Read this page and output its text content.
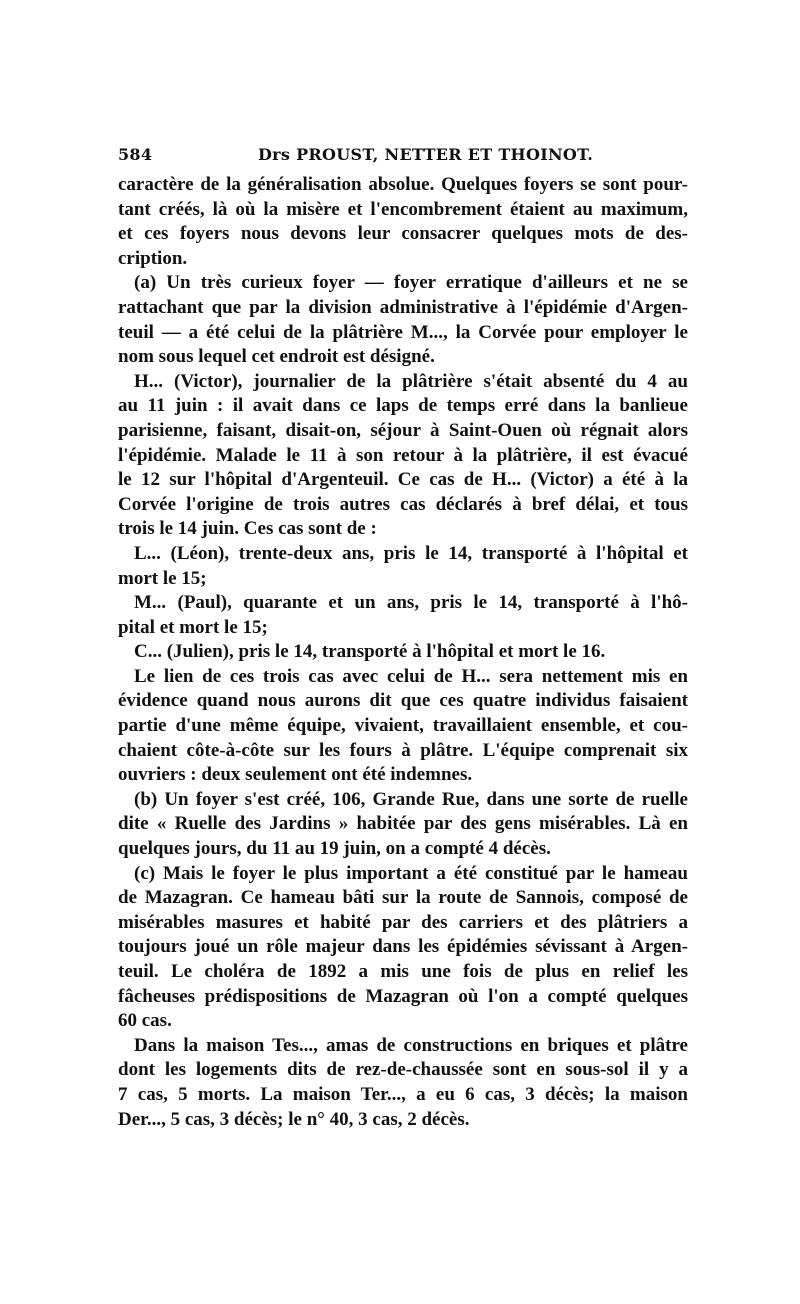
584	Drs PROUST, NETTER ET THOINOT.

caractère de la généralisation absolue. Quelques foyers se sont pour-

tant créés, là où la misère et l'encombrement étaient au maximum,

et ces foyers nous devons leur consacrer quelques mots de des-

cription.

(a) Un très curieux foyer — foyer erratique d'ailleurs et ne se

rattachant que par la division administrative à l'épidémie d'Argen-

teuil — a été celui de la plâtrière M..., la Corvée pour employer le

nom sous lequel cet endroit est désigné.

H... (Victor), journalier de la plâtrière s'était absenté du 4 au

au 11 juin : il avait dans ce laps de temps erré dans la banlieue

parisienne, faisant, disait-on, séjour à Saint-Ouen où régnait alors

l'épidémie. Malade le 11 à son retour à la plâtrière, il est évacué

le 12 sur l'hôpital d'Argenteuil. Ce cas de H... (Victor) a été à la

Corvée l'origine de trois autres cas déclarés à bref délai, et tous

trois le 14 juin. Ces cas sont de :

L... (Léon), trente-deux ans, pris le 14, transporté à l'hôpital et

mort le 15;

M... (Paul), quarante et un ans, pris le 14, transporté à l'hô-

pital et mort le 15;

C... (Julien), pris le 14, transporté à l'hôpital et mort le 16.

Le lien de ces trois cas avec celui de H... sera nettement mis en

évidence quand nous aurons dit que ces quatre individus faisaient

partie d'une même équipe, vivaient, travaillaient ensemble, et cou-

chaient côte-à-côte sur les fours à plâtre. L'équipe comprenait six

ouvriers : deux seulement ont été indemnes.

(b) Un foyer s'est créé, 106, Grande Rue, dans une sorte de ruelle

dite « Ruelle des Jardins » habitée par des gens misérables. Là en

quelques jours, du 11 au 19 juin, on a compté 4 décès.

(c) Mais le foyer le plus important a été constitué par le hameau

de Mazagran. Ce hameau bâti sur la route de Sannois, composé de

misérables masures et habité par des carriers et des plâtriers a

toujours joué un rôle majeur dans les épidémies sévissant à Argen-

teuil. Le choléra de 1892 a mis une fois de plus en relief les

fâcheuses prédispositions de Mazagran où l'on a compté quelques

60 cas.

Dans la maison Tes..., amas de constructions en briques et plâtre

dont les logements dits de rez-de-chaussée sont en sous-sol il y a

7 cas, 5 morts. La maison Ter..., a eu 6 cas, 3 décès; la maison

Der..., 5 cas, 3 décès; le n° 40, 3 cas, 2 décès.
